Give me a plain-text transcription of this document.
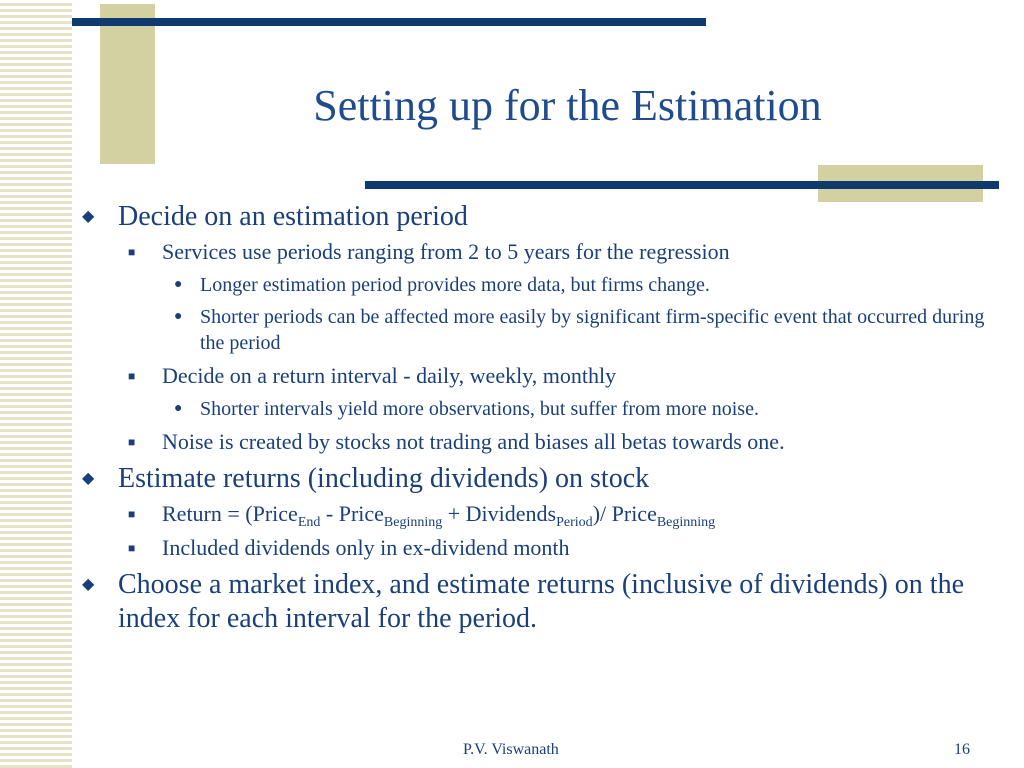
Setting up for the Estimation
◆ Decide on an estimation period
■ Services use periods ranging from 2 to 5 years for the regression
● Longer estimation period provides more data, but firms change.
● Shorter periods can be affected more easily by significant firm-specific event that occurred during the period
■ Decide on a return interval - daily, weekly, monthly
● Shorter intervals yield more observations, but suffer from more noise.
■ Noise is created by stocks not trading and biases all betas towards one.
◆ Estimate returns (including dividends) on stock
■ Return = (Price$_{End}$ - Price$_{Beginning}$ + Dividends$_{Period}$)/ Price$_{Beginning}$
■ Included dividends only in ex-dividend month
◆ Choose a market index, and estimate returns (inclusive of dividends) on the index for each interval for the period.
P.V. Viswanath	16
